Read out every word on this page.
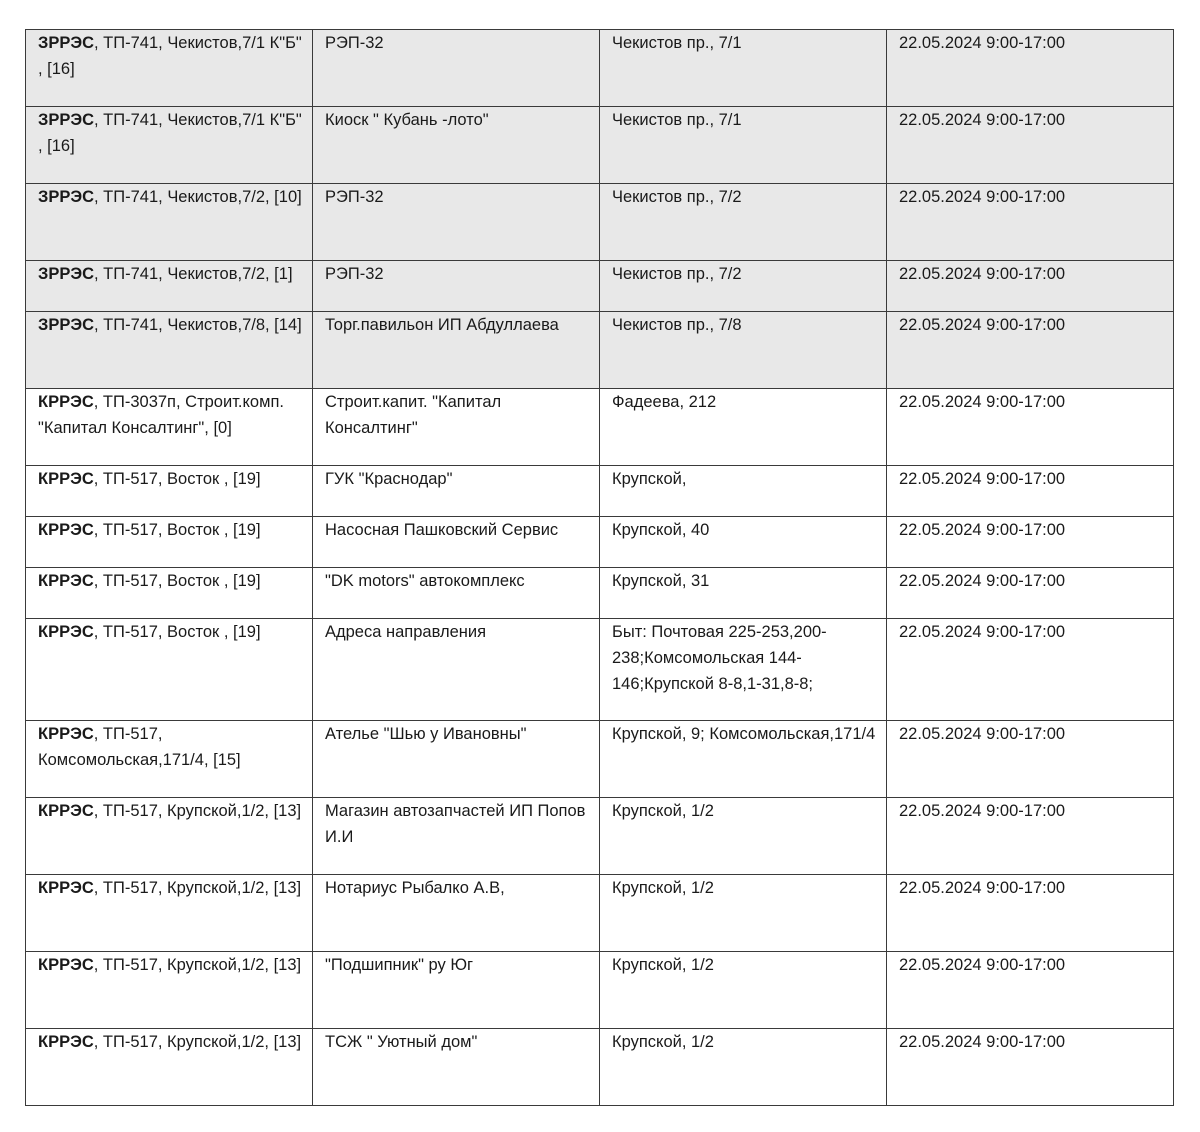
ЗРРЭС, ТП-741, Чекистов,7/1 К"Б" , [16]	РЭП-32	Чекистов пр., 7/1	22.05.2024 9:00-17:00
ЗРРЭС, ТП-741, Чекистов,7/1 К"Б" , [16]	Киоск " Кубань -лото"	Чекистов пр., 7/1	22.05.2024 9:00-17:00
ЗРРЭС, ТП-741, Чекистов,7/2, [10]	РЭП-32	Чекистов пр., 7/2	22.05.2024 9:00-17:00
ЗРРЭС, ТП-741, Чекистов,7/2, [1]	РЭП-32	Чекистов пр., 7/2	22.05.2024 9:00-17:00
ЗРРЭС, ТП-741, Чекистов,7/8, [14]	Торг.павильон ИП Абдуллаева	Чекистов пр., 7/8	22.05.2024 9:00-17:00
КРРЭС, ТП-3037п, Строит.комп. "Капитал Консалтинг", [0]	Строит.капит. "Капитал Консалтинг"	Фадеева, 212	22.05.2024 9:00-17:00
КРРЭС, ТП-517, Восток , [19]	ГУК "Краснодар"	Крупской,	22.05.2024 9:00-17:00
КРРЭС, ТП-517, Восток , [19]	Насосная Пашковский Сервис	Крупской, 40	22.05.2024 9:00-17:00
КРРЭС, ТП-517, Восток , [19]	"DK motors" автокомплекс	Крупской, 31	22.05.2024 9:00-17:00
КРРЭС, ТП-517, Восток , [19]	Адреса направления	Быт: Почтовая 225-253,200-238;Комсомольская 144-146;Крупской 8-8,1-31,8-8;	22.05.2024 9:00-17:00
КРРЭС, ТП-517, Комсомольская,171/4, [15]	Ателье "Шью у Ивановны"	Крупской, 9; Комсомольская,171/4	22.05.2024 9:00-17:00
КРРЭС, ТП-517, Крупской,1/2, [13]	Магазин автозапчастей ИП Попов И.И	Крупской, 1/2	22.05.2024 9:00-17:00
КРРЭС, ТП-517, Крупской,1/2, [13]	Нотариус Рыбалко А.В,	Крупской, 1/2	22.05.2024 9:00-17:00
КРРЭС, ТП-517, Крупской,1/2, [13]	"Подшипник" ру Юг	Крупской, 1/2	22.05.2024 9:00-17:00
КРРЭС, ТП-517, Крупской,1/2, [13]	ТСЖ " Уютный дом"	Крупской, 1/2	22.05.2024 9:00-17:00
